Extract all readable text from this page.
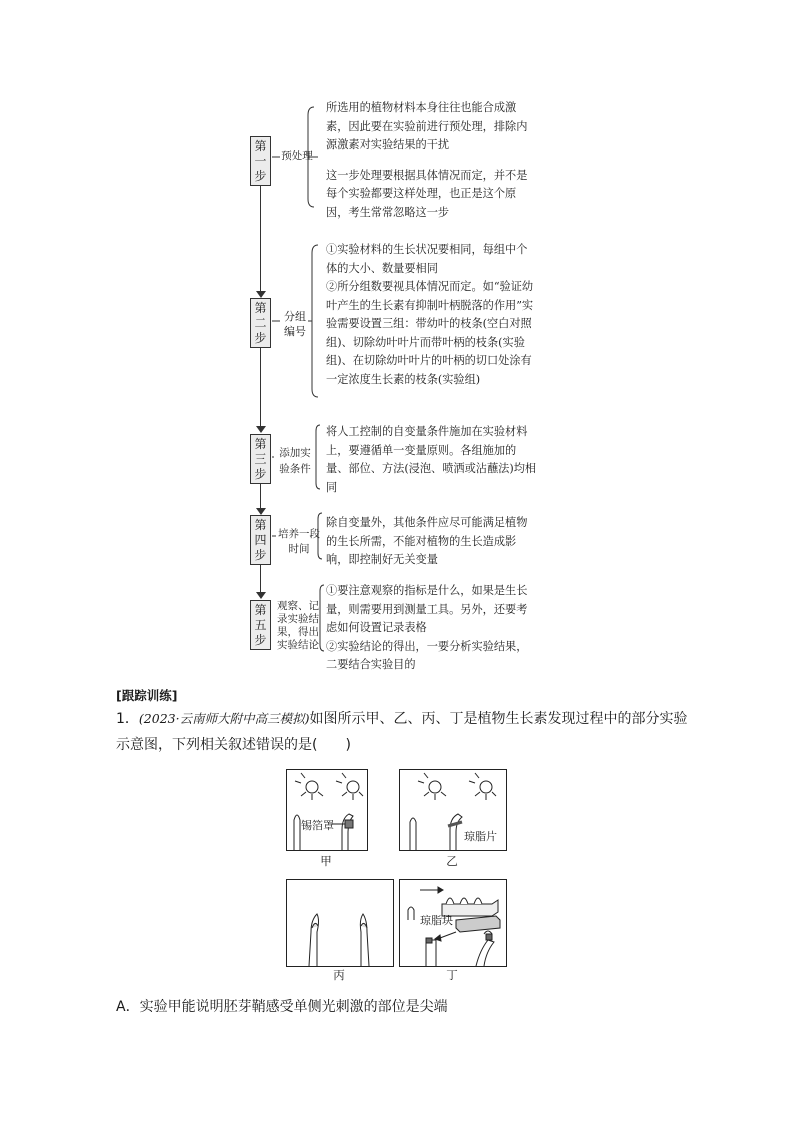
第
一
步
预处理

所选用的植物材料本身往往也能合成激素，因此要在实验前进行预处理，排除内源激素对实验结果的干扰

这一步处理要根据具体情况而定，并不是每个实验都要这样处理，也正是这个原因，考生常常忽略这一步

第
二
步
分组编号

①实验材料的生长状况要相同，每组中个体的大小、数量要相同

②所分组数要视具体情况而定。如“验证幼叶产生的生长素有抑制叶柄脱落的作用”实验需要设置三组：带幼叶的枝条(空白对照组)、切除幼叶叶片而带叶柄的枝条(实验组)、在切除幼叶叶片的叶柄的切口处涂有一定浓度生长素的枝条(实验组)

第
三
步
添加实验条件

将人工控制的自变量条件施加在实验材料上，要遵循单一变量原则。各组施加的量、部位、方法(浸泡、喷洒或沾蘸法)均相同

第
四
步
培养一段时间

除自变量外，其他条件应尽可能满足植物的生长所需，不能对植物的生长造成影响，即控制好无关变量

第
五
步
观察、记录实验结果，得出实验结论

①要注意观察的指标是什么，如果是生长量，则需要用到测量工具。另外，还要考虑如何设置记录表格

②实验结论的得出，一要分析实验结果，二要结合实验目的

[跟踪训练]
1．(2023·云南师大附中高三模拟)如图所示甲、乙、丙、丁是植物生长素发现过程中的部分实验示意图，下列相关叙述错误的是(　　)
锡箔罩
甲
琼脂片
乙
丙
琼脂块
丁
A．实验甲能说明胚芽鞘感受单侧光刺激的部位是尖端
